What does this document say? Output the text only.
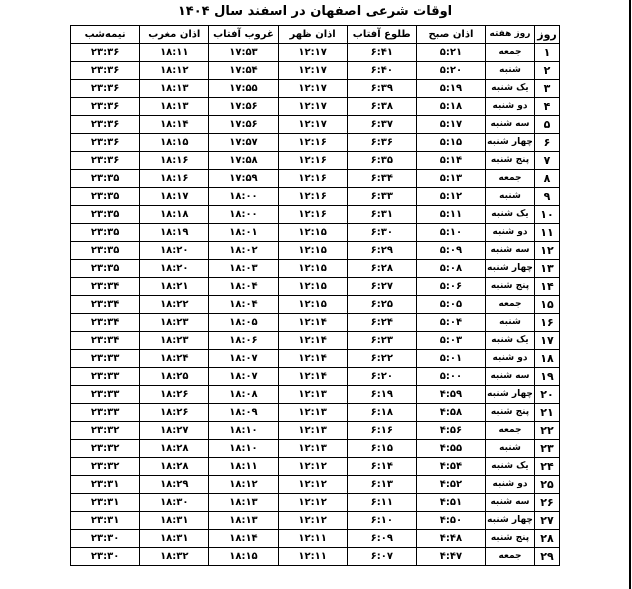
اوقات شرعی اصفهان در اسفند سال ۱۴۰۴
روز	روز هفته	اذان صبح	طلوع آفتاب	اذان ظهر	غروب آفتاب	اذان مغرب	نیمه‌شب
۱	جمعه	۵:۲۱	۶:۴۱	۱۲:۱۷	۱۷:۵۳	۱۸:۱۱	۲۳:۳۶
۲	شنبه	۵:۲۰	۶:۴۰	۱۲:۱۷	۱۷:۵۴	۱۸:۱۲	۲۳:۳۶
۳	یک شنبه	۵:۱۹	۶:۳۹	۱۲:۱۷	۱۷:۵۵	۱۸:۱۳	۲۳:۳۶
۴	دو شنبه	۵:۱۸	۶:۳۸	۱۲:۱۷	۱۷:۵۶	۱۸:۱۳	۲۳:۳۶
۵	سه شنبه	۵:۱۷	۶:۳۷	۱۲:۱۷	۱۷:۵۶	۱۸:۱۴	۲۳:۳۶
۶	چهار شنبه	۵:۱۵	۶:۳۶	۱۲:۱۶	۱۷:۵۷	۱۸:۱۵	۲۳:۳۶
۷	پنج شنبه	۵:۱۴	۶:۳۵	۱۲:۱۶	۱۷:۵۸	۱۸:۱۶	۲۳:۳۶
۸	جمعه	۵:۱۳	۶:۳۴	۱۲:۱۶	۱۷:۵۹	۱۸:۱۶	۲۳:۳۵
۹	شنبه	۵:۱۲	۶:۳۳	۱۲:۱۶	۱۸:۰۰	۱۸:۱۷	۲۳:۳۵
۱۰	یک شنبه	۵:۱۱	۶:۳۱	۱۲:۱۶	۱۸:۰۰	۱۸:۱۸	۲۳:۳۵
۱۱	دو شنبه	۵:۱۰	۶:۳۰	۱۲:۱۵	۱۸:۰۱	۱۸:۱۹	۲۳:۳۵
۱۲	سه شنبه	۵:۰۹	۶:۲۹	۱۲:۱۵	۱۸:۰۲	۱۸:۲۰	۲۳:۳۵
۱۳	چهار شنبه	۵:۰۸	۶:۲۸	۱۲:۱۵	۱۸:۰۳	۱۸:۲۰	۲۳:۳۵
۱۴	پنج شنبه	۵:۰۶	۶:۲۷	۱۲:۱۵	۱۸:۰۴	۱۸:۲۱	۲۳:۳۴
۱۵	جمعه	۵:۰۵	۶:۲۵	۱۲:۱۵	۱۸:۰۴	۱۸:۲۲	۲۳:۳۴
۱۶	شنبه	۵:۰۴	۶:۲۴	۱۲:۱۴	۱۸:۰۵	۱۸:۲۳	۲۳:۳۴
۱۷	یک شنبه	۵:۰۳	۶:۲۳	۱۲:۱۴	۱۸:۰۶	۱۸:۲۳	۲۳:۳۴
۱۸	دو شنبه	۵:۰۱	۶:۲۲	۱۲:۱۴	۱۸:۰۷	۱۸:۲۴	۲۳:۳۳
۱۹	سه شنبه	۵:۰۰	۶:۲۰	۱۲:۱۴	۱۸:۰۷	۱۸:۲۵	۲۳:۳۳
۲۰	چهار شنبه	۴:۵۹	۶:۱۹	۱۲:۱۳	۱۸:۰۸	۱۸:۲۶	۲۳:۳۳
۲۱	پنج شنبه	۴:۵۸	۶:۱۸	۱۲:۱۳	۱۸:۰۹	۱۸:۲۶	۲۳:۳۳
۲۲	جمعه	۴:۵۶	۶:۱۶	۱۲:۱۳	۱۸:۱۰	۱۸:۲۷	۲۳:۳۲
۲۳	شنبه	۴:۵۵	۶:۱۵	۱۲:۱۳	۱۸:۱۰	۱۸:۲۸	۲۳:۳۲
۲۴	یک شنبه	۴:۵۴	۶:۱۴	۱۲:۱۲	۱۸:۱۱	۱۸:۲۸	۲۳:۳۲
۲۵	دو شنبه	۴:۵۲	۶:۱۳	۱۲:۱۲	۱۸:۱۲	۱۸:۲۹	۲۳:۳۱
۲۶	سه شنبه	۴:۵۱	۶:۱۱	۱۲:۱۲	۱۸:۱۳	۱۸:۳۰	۲۳:۳۱
۲۷	چهار شنبه	۴:۵۰	۶:۱۰	۱۲:۱۲	۱۸:۱۳	۱۸:۳۱	۲۳:۳۱
۲۸	پنج شنبه	۴:۴۸	۶:۰۹	۱۲:۱۱	۱۸:۱۴	۱۸:۳۱	۲۳:۳۰
۲۹	جمعه	۴:۴۷	۶:۰۷	۱۲:۱۱	۱۸:۱۵	۱۸:۳۲	۲۳:۳۰
